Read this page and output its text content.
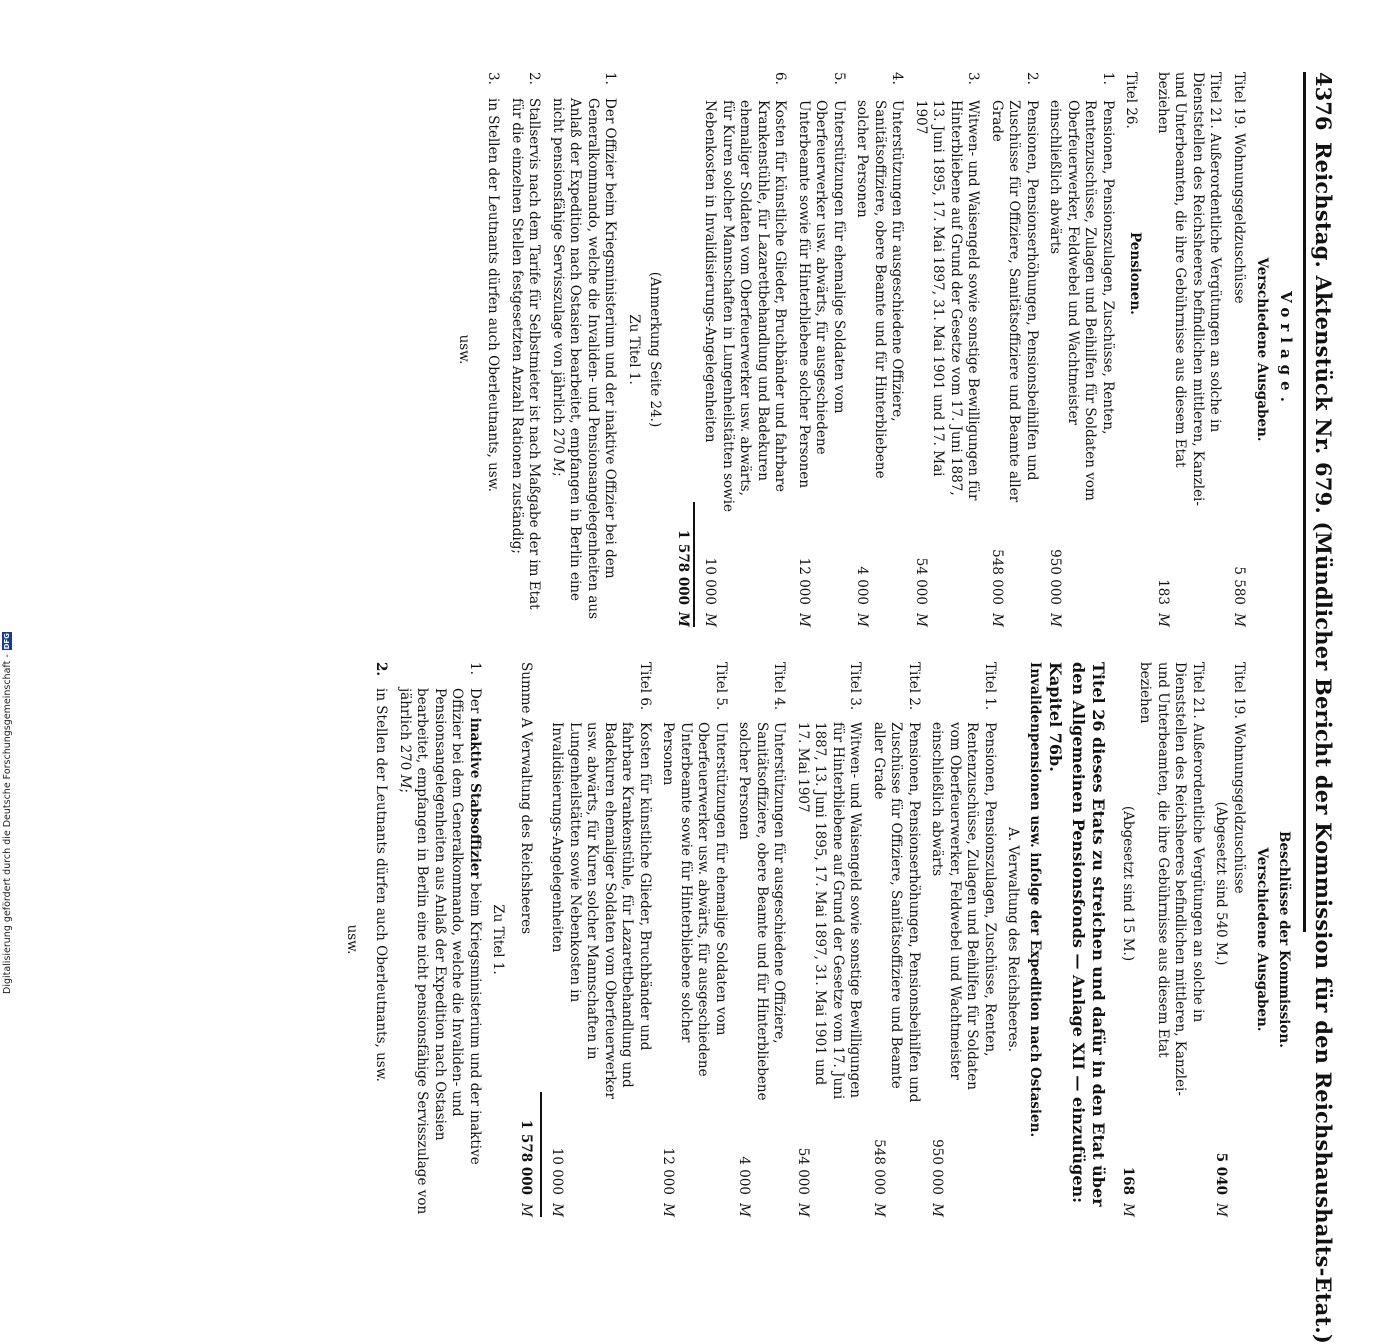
4376
Reichstag. Aktenstück Nr. 679. (Mündlicher Bericht der Kommission für den Reichshaushalts-Etat.)
Vorlage.
Verschiedene Ausgaben.
Titel 19. Wohnungsgeldzuschüsse
5 580
M
Titel 21. Außerordentliche Vergütungen an solche in Dienststellen des Reichsheeres befindlichen mittleren, Kanzlei- und Unterbeamten, die ihre Gebührnisse aus diesem Etat beziehen
183
M
Titel 26.
Pensionen.
1.
Pensionen, Pensionszulagen, Zuschüsse, Renten, Rentenzuschüsse, Zulagen und Beihilfen für Soldaten vom Oberfeuerwerker, Feldwebel und Wachtmeister einschließlich abwärts
950 000
M
2.
Pensionen, Pensionserhöhungen, Pensionsbeihilfen und Zuschüsse für Offiziere, Sanitätsoffiziere und Beamte aller Grade
548 000
M
3.
Witwen- und Waisengeld sowie sonstige Bewilligungen für Hinterbliebene auf Grund der Gesetze vom 17. Juni 1887, 13. Juni 1895, 17. Mai 1897, 31. Mai 1901 und 17. Mai 1907
54 000
M
4.
Unterstützungen für ausgeschiedene Offiziere, Sanitätsoffiziere, obere Beamte und für Hinterbliebene solcher Personen
4 000
M
5.
Unterstützungen für ehemalige Soldaten vom Oberfeuerwerker usw. abwärts, für ausgeschiedene Unterbeamte sowie für Hinterbliebene solcher Personen
12 000
M
6.
Kosten für künstliche Glieder, Bruchbänder und fahrbare Krankenstühle, für Lazarettbehandlung und Badekuren ehemaliger Soldaten vom Oberfeuerwerker usw. abwärts, für Kuren solcher Mannschaften in Lungenheilstätten sowie Nebenkosten in Invalidisierungs-Angelegenheiten
10 000
M
1 578 000
M
(Anmerkung Seite 24.)
Zu Titel 1.
1.
Der Offizier beim Kriegsministerium und der inaktive Offizier bei dem Generalkommando, welche die Invaliden- und Pensionsangelegenheiten aus Anlaß der Expedition nach Ostasien bearbeitet, empfangen in Berlin eine nicht pensionsfähige Servisszulage von jährlich 270 M;
2.
Stallservis nach dem Tarife für Selbstmieter ist nach Maßgabe der im Etat für die einzelnen Stellen festgesetzten Anzahl Rationen zuständig;
3.
in Stellen der Leutnants dürfen auch Oberleutnants, usw.
usw.
Beschlüsse der Kommission.
Verschiedene Ausgaben.
Titel 19. Wohnungsgeldzuschüsse

(Abgesetzt sind 540 M.)
5 040
M
Titel 21. Außerordentliche Vergütungen an solche in Dienststellen des Reichsheeres befindlichen mittleren, Kanzlei- und Unterbeamten, die ihre Gebührnisse aus diesem Etat beziehen

(Abgesetzt sind 15 M.)
168
M
Titel 26 dieses Etats zu streichen und dafür in den Etat über den Allgemeinen Pensionsfonds — Anlage XII — einzufügen:
Kapitel 76b.
Invalidenpensionen usw. infolge der Expedition nach Ostasien.
A. Verwaltung des Reichsheeres.
Titel 1.
Pensionen, Pensionszulagen, Zuschüsse, Renten, Rentenzuschüsse, Zulagen und Beihilfen für Soldaten vom Oberfeuerwerker, Feldwebel und Wachtmeister einschließlich abwärts
950 000
M
Titel 2.
Pensionen, Pensionserhöhungen, Pensionsbeihilfen und Zuschüsse für Offiziere, Sanitätsoffiziere und Beamte aller Grade
548 000
M
Titel 3.
Witwen- und Waisengeld sowie sonstige Bewilligungen für Hinterbliebene auf Grund der Gesetze vom 17. Juni 1887, 13. Juni 1895, 17. Mai 1897, 31. Mai 1901 und 17. Mai 1907
54 000
M
Titel 4.
Unterstützungen für ausgeschiedene Offiziere, Sanitätsoffiziere, obere Beamte und für Hinterbliebene solcher Personen
4 000
M
Titel 5.
Unterstützungen für ehemalige Soldaten vom Oberfeuerwerker usw. abwärts, für ausgeschiedene Unterbeamte sowie für Hinterbliebene solcher Personen
12 000
M
Titel 6.
Kosten für künstliche Glieder, Bruchbänder und fahrbare Krankenstühle, für Lazarettbehandlung und Badekuren ehemaliger Soldaten vom Oberfeuerwerker usw. abwärts, für Kuren solcher Mannschaften in Lungenheilstätten sowie Nebenkosten in Invalidisierungs-Angelegenheiten
10 000
M
Summe A Verwaltung des Reichsheeres
1 578 000
M
Zu Titel 1.
1.
Der inaktive Stabsoffizier beim Kriegsministerium und der inaktive Offizier bei dem Generalkommando, welche die Invaliden- und Pensionsangelegenheiten aus Anlaß der Expedition nach Ostasien bearbeitet, empfangen in Berlin eine nicht pensionsfähige Servisszulage von jährlich 270 M;
2.
in Stellen der Leutnants dürfen auch Oberleutnants, usw.
usw.
Digitalisierung gefördert durch die Deutsche Forschungsgemeinschaft -
DFG
